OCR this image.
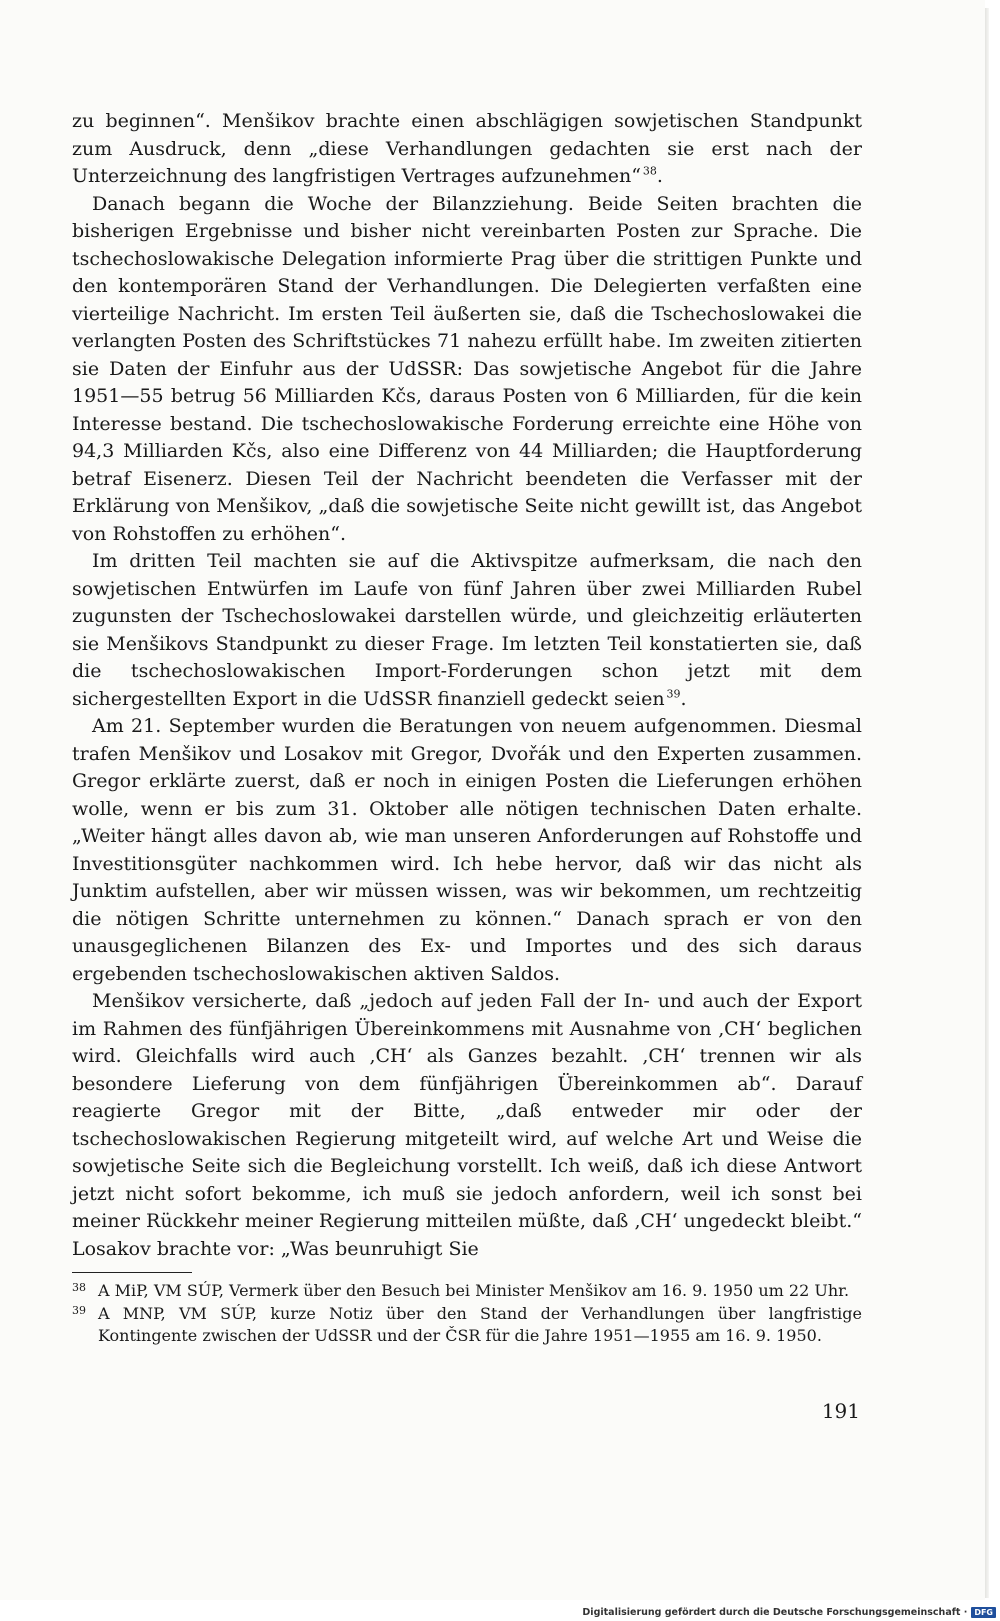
zu beginnen“. Menšikov brachte einen abschlägigen sowjetischen Standpunkt zum Ausdruck, denn „diese Verhandlungen gedachten sie erst nach der Unterzeichnung des langfristigen Vertrages aufzunehmen“  $^{38}$.

Danach begann die Woche der Bilanzziehung. Beide Seiten brachten die bisherigen Ergebnisse und bisher nicht vereinbarten Posten zur Sprache. Die tschechoslowakische Delegation informierte Prag über die strittigen Punkte und den kontemporären Stand der Verhandlungen. Die Delegierten verfaßten eine vierteilige Nachricht. Im ersten Teil äußerten sie, daß die Tschechoslowakei die verlangten Posten des Schriftstückes 71 nahezu erfüllt habe. Im zweiten zitierten sie Daten der Einfuhr aus der UdSSR: Das sowjetische Angebot für die Jahre 1951—55 betrug 56 Milliarden Kčs, daraus Posten von 6 Milliarden, für die kein Interesse bestand. Die tschechoslowakische Forderung erreichte eine Höhe von 94,3 Milliarden Kčs, also eine Differenz von 44 Milliarden; die Hauptforderung betraf Eisenerz. Diesen Teil der Nachricht beendeten die Verfasser mit der Erklärung von Menšikov, „daß die sowjetische Seite nicht gewillt ist, das Angebot von Rohstoffen zu erhöhen“.

Im dritten Teil machten sie auf die Aktivspitze aufmerksam, die nach den sowjetischen Entwürfen im Laufe von fünf Jahren über zwei Milliarden Rubel zugunsten der Tschechoslowakei darstellen würde, und gleichzeitig erläuterten sie Menšikovs Standpunkt zu dieser Frage. Im letzten Teil konstatierten sie, daß die tschechoslowakischen Import-Forderungen schon jetzt mit dem sichergestellten Export in die UdSSR finanziell gedeckt seien  $^{39}$.

Am 21. September wurden die Beratungen von neuem aufgenommen. Diesmal trafen Menšikov und Losakov mit Gregor, Dvořák und den Experten zusammen. Gregor erklärte zuerst, daß er noch in einigen Posten die Lieferungen erhöhen wolle, wenn er bis zum 31. Oktober alle nötigen technischen Daten erhalte. „Weiter hängt alles davon ab, wie man unseren Anforderungen auf Rohstoffe und Investitionsgüter nachkommen wird. Ich hebe hervor, daß wir das nicht als Junktim aufstellen, aber wir müssen wissen, was wir bekommen, um rechtzeitig die nötigen Schritte unternehmen zu können.“ Danach sprach er von den unausgeglichenen Bilanzen des Ex- und Importes und des sich daraus ergebenden tschechoslowakischen aktiven Saldos.

Menšikov versicherte, daß „jedoch auf jeden Fall der In- und auch der Export im Rahmen des fünfjährigen Übereinkommens mit Ausnahme von ‚CH‘ beglichen wird. Gleichfalls wird auch ‚CH‘ als Ganzes bezahlt. ‚CH‘ trennen wir als besondere Lieferung von dem fünfjährigen Übereinkommen ab“. Darauf reagierte Gregor mit der Bitte, „daß entweder mir oder der tschechoslowakischen Regierung mitgeteilt wird, auf welche Art und Weise die sowjetische Seite sich die Begleichung vorstellt. Ich weiß, daß ich diese Antwort jetzt nicht sofort bekomme, ich muß sie jedoch anfordern, weil ich sonst bei meiner Rückkehr meiner Regierung mitteilen müßte, daß ‚CH‘ ungedeckt bleibt.“ Losakov brachte vor: „Was beunruhigt Sie

38 A MiP, VM SÚP, Vermerk über den Besuch bei Minister Menšikov am 16. 9. 1950 um 22 Uhr.
39 A MNP, VM SÚP, kurze Notiz über den Stand der Verhandlungen über langfristige Kontingente zwischen der UdSSR und der ČSR für die Jahre 1951—1955 am 16. 9. 1950.
191
Digitalisierung gefördert durch die Deutsche Forschungsgemeinschaft · DFG
